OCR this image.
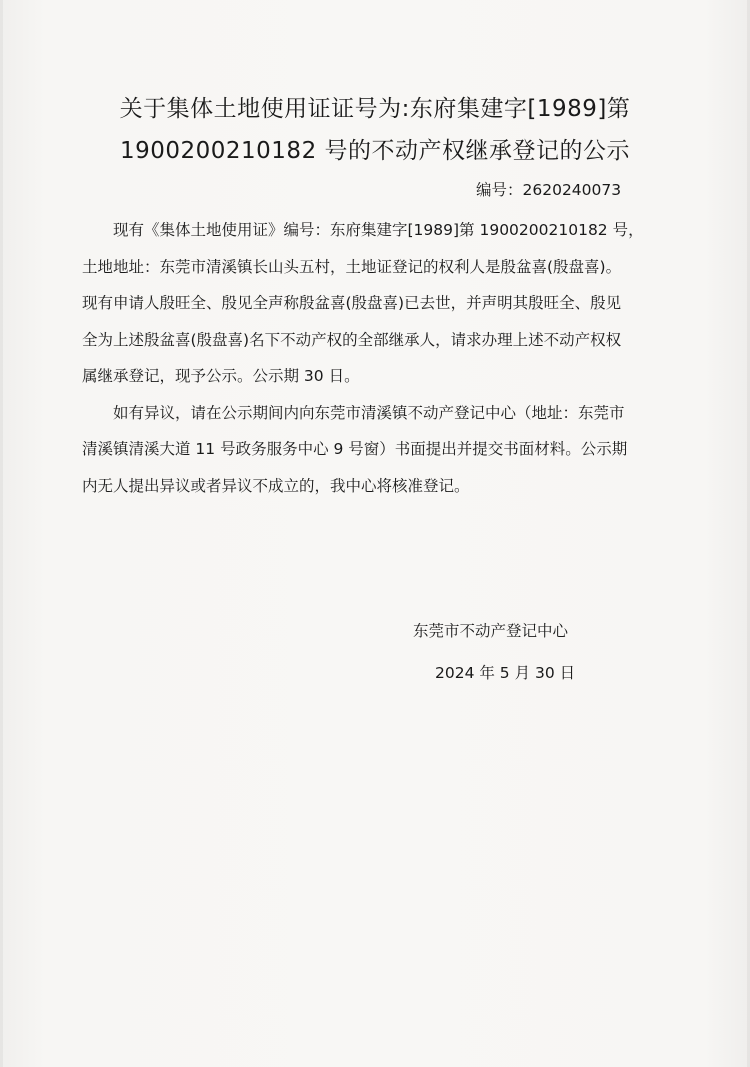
关于集体土地使用证证号为:东府集建字[1989]第
1900200210182 号的不动产权继承登记的公示
编号：2620240073

现有《集体土地使用证》编号：东府集建字[1989]第 1900200210182 号，
土地地址：东莞市清溪镇长山头五村，土地证登记的权利人是殷盆喜(殷盘喜)。
现有申请人殷旺全、殷见全声称殷盆喜(殷盘喜)已去世，并声明其殷旺全、殷见
全为上述殷盆喜(殷盘喜)名下不动产权的全部继承人，请求办理上述不动产权权
属继承登记，现予公示。公示期 30 日。

如有异议，请在公示期间内向东莞市清溪镇不动产登记中心（地址：东莞市
清溪镇清溪大道 11 号政务服务中心 9 号窗）书面提出并提交书面材料。公示期
内无人提出异议或者异议不成立的，我中心将核准登记。

东莞市不动产登记中心
2024 年 5 月 30 日
